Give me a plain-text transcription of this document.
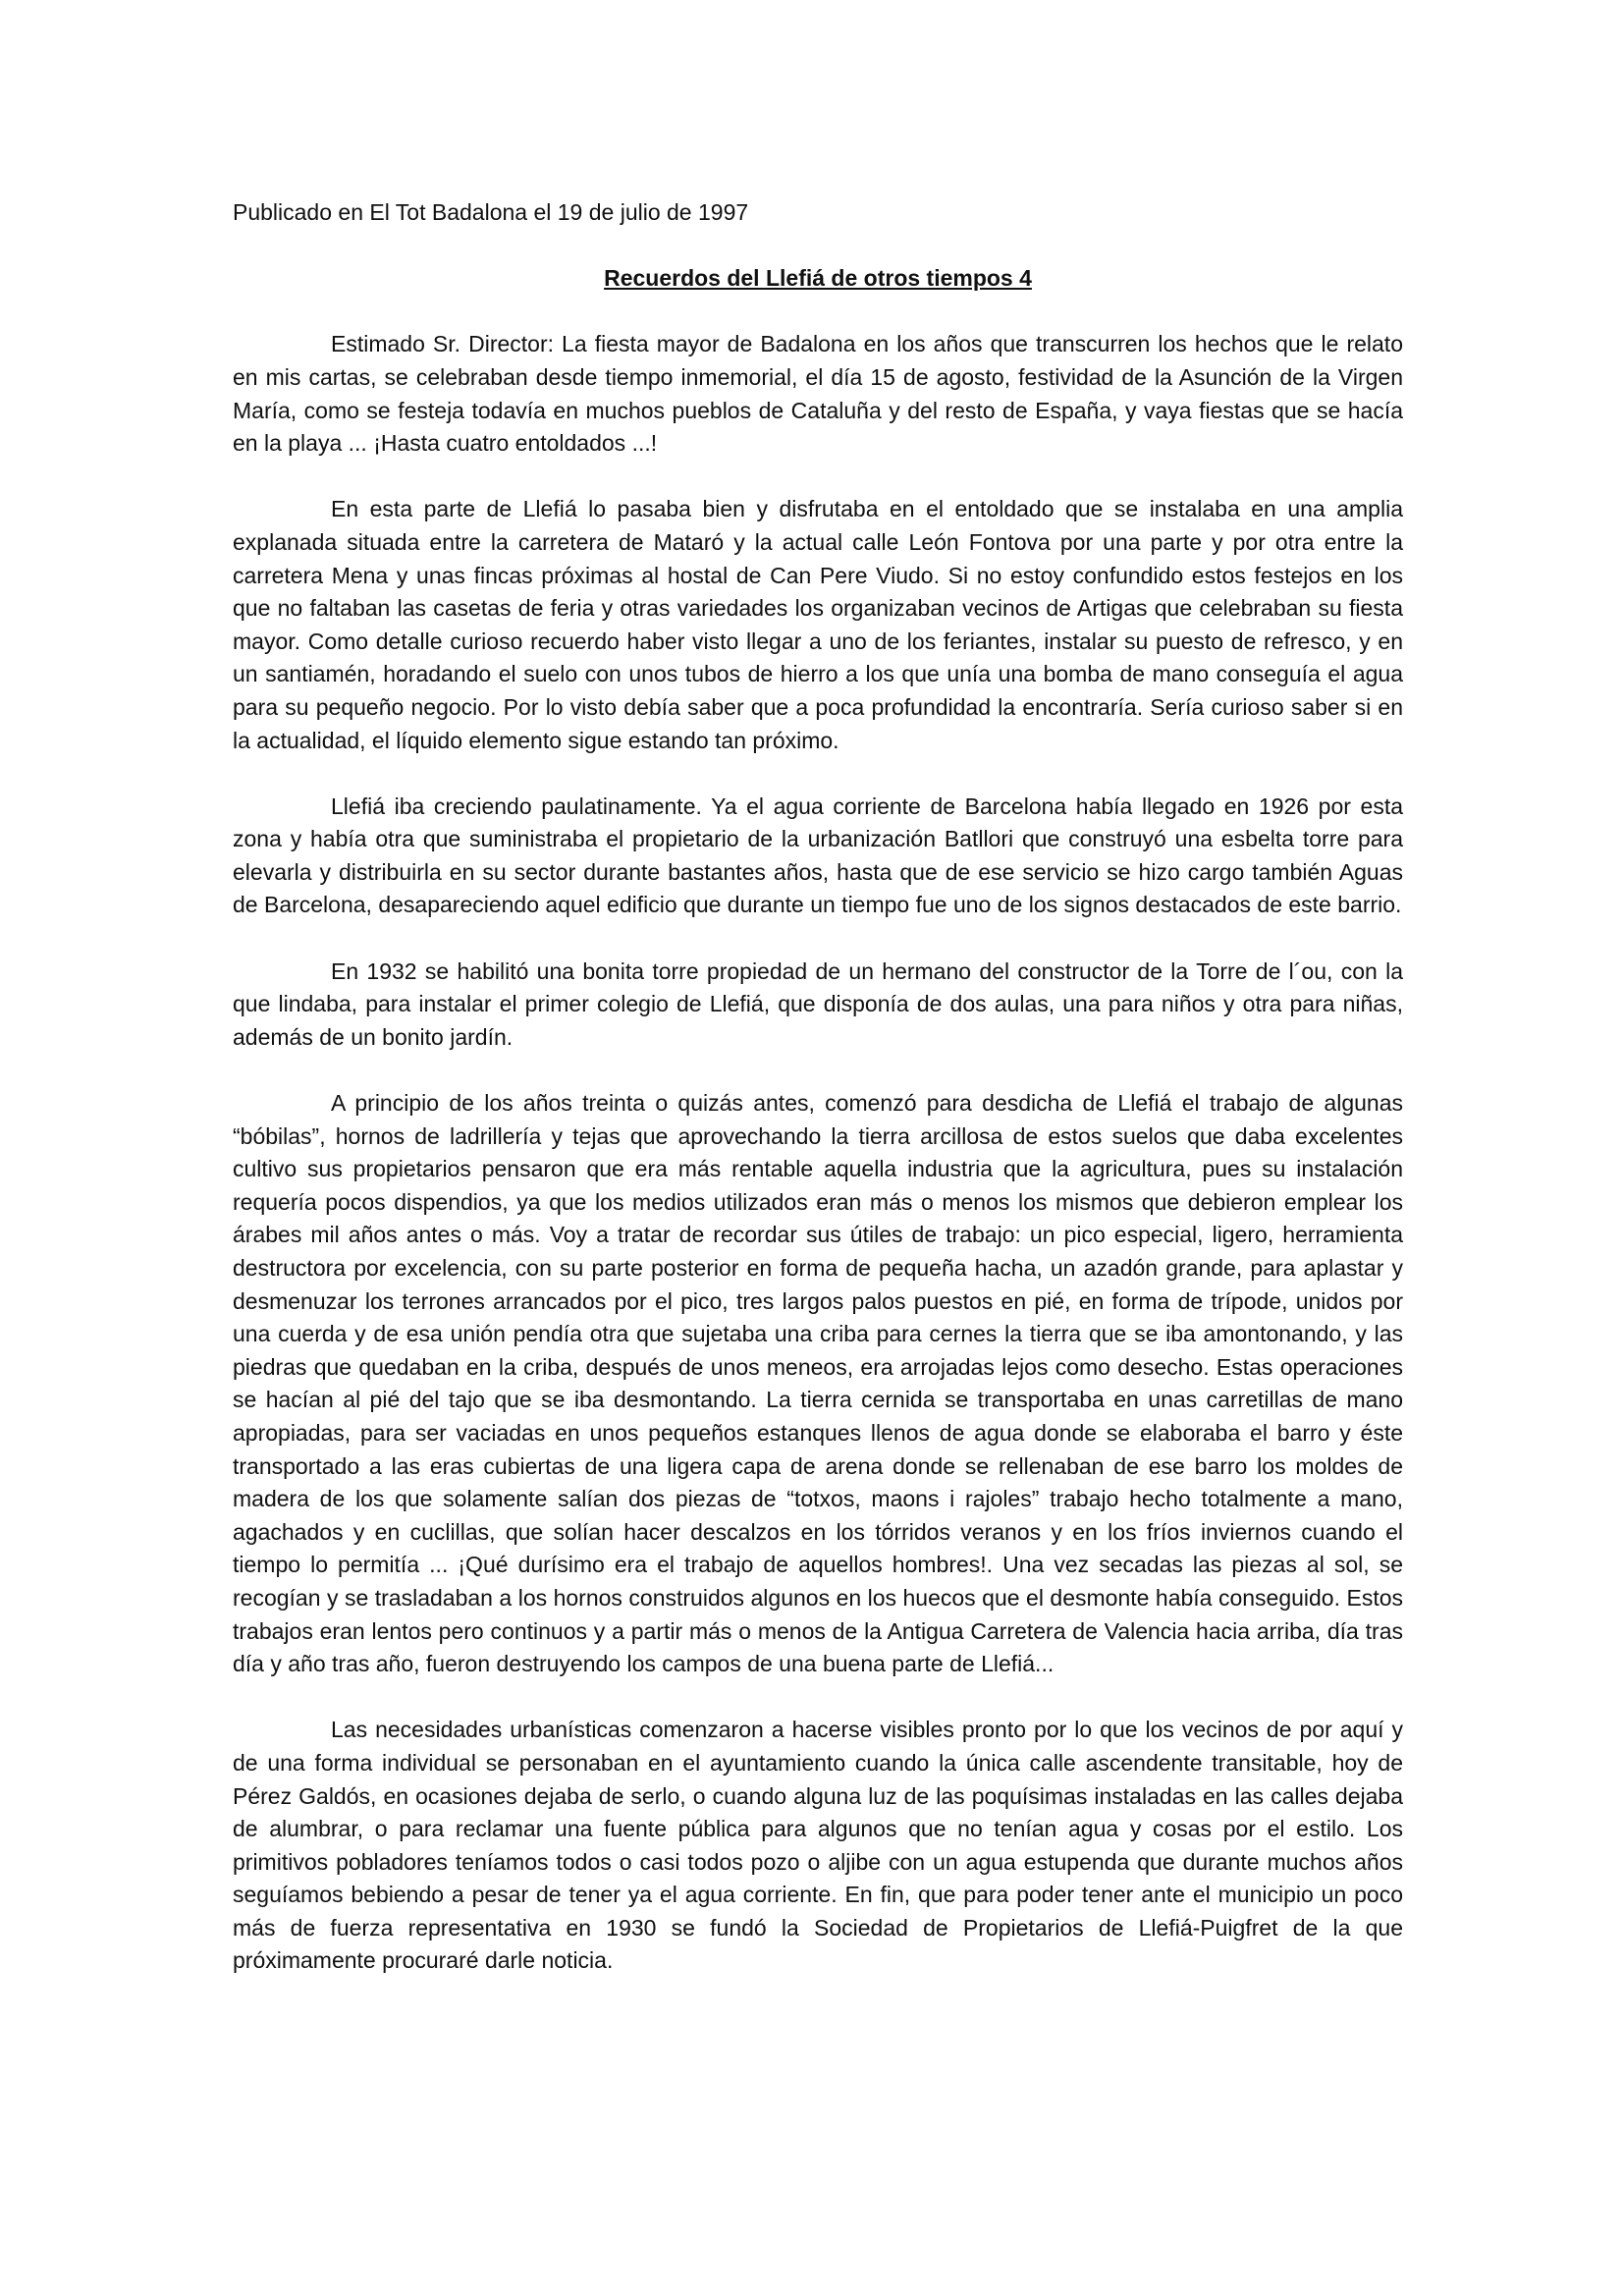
Publicado en El Tot Badalona el 19 de julio de 1997

Recuerdos del Llefiá de otros tiempos 4

Estimado Sr. Director: La fiesta mayor de Badalona en los años que transcurren los hechos que le relato en mis cartas, se celebraban desde tiempo inmemorial, el día 15 de agosto, festividad de la Asunción de la Virgen María, como se festeja todavía en muchos pueblos de Cataluña y del resto de España, y vaya fiestas que se hacía en la playa ... ¡Hasta cuatro entoldados ...!

En esta parte de Llefiá lo pasaba bien y disfrutaba en el entoldado que se instalaba en una amplia explanada situada entre la carretera de Mataró y la actual calle León Fontova por una parte y por otra entre la carretera Mena y unas fincas próximas al hostal de Can Pere Viudo. Si no estoy confundido estos festejos en los que no faltaban las casetas de feria y otras variedades los organizaban vecinos de Artigas que celebraban su fiesta mayor. Como detalle curioso recuerdo haber visto llegar a uno de los feriantes, instalar su puesto de refresco, y en un santiamén, horadando el suelo con unos tubos de hierro a los que unía una bomba de mano conseguía el agua para su pequeño negocio. Por lo visto debía saber que a poca profundidad la encontraría. Sería curioso saber si en la actualidad, el líquido elemento sigue estando tan próximo.

Llefiá iba creciendo paulatinamente. Ya el agua corriente de Barcelona había llegado en 1926 por esta zona y había otra que suministraba el propietario de la urbanización Batllori que construyó una esbelta torre para elevarla y distribuirla en su sector durante bastantes años, hasta que de ese servicio se hizo cargo también Aguas de Barcelona, desapareciendo aquel edificio que durante un tiempo fue uno de los signos destacados de este barrio.

En 1932 se habilitó una bonita torre propiedad de un hermano del constructor de la Torre de l´ou, con la que lindaba, para instalar el primer colegio de Llefiá, que disponía de dos aulas, una para niños y otra para niñas, además de un bonito jardín.

A principio de los años treinta o quizás antes, comenzó para desdicha de Llefiá el trabajo de algunas “bóbilas”, hornos de ladrillería y tejas que aprovechando la tierra arcillosa de estos suelos que daba excelentes cultivo sus propietarios pensaron que era más rentable aquella industria que la agricultura, pues su instalación requería pocos dispendios, ya que los medios utilizados eran más o menos los mismos que debieron emplear los árabes mil años antes o más. Voy a tratar de recordar sus útiles de trabajo: un pico especial, ligero, herramienta destructora por excelencia, con su parte posterior en forma de pequeña hacha, un azadón grande, para aplastar y desmenuzar los terrones arrancados por el pico, tres largos palos puestos en pié, en forma de trípode, unidos por una cuerda y de esa unión pendía otra que sujetaba una criba para cernes la tierra que se iba amontonando, y las piedras que quedaban en la criba, después de unos meneos, era arrojadas lejos como desecho. Estas operaciones se hacían al pié del tajo que se iba desmontando. La tierra cernida se transportaba en unas carretillas de mano apropiadas, para ser vaciadas en unos pequeños estanques llenos de agua donde se elaboraba el barro y éste transportado a las eras cubiertas de una ligera capa de arena donde se rellenaban de ese barro los moldes de madera de los que solamente salían dos piezas de “totxos, maons i rajoles” trabajo hecho totalmente a mano, agachados y en cuclillas, que solían hacer descalzos en los tórridos veranos y en los fríos inviernos cuando el tiempo lo permitía ... ¡Qué durísimo era el trabajo de aquellos hombres!. Una vez secadas las piezas al sol, se recogían y se trasladaban a los hornos construidos algunos en los huecos que el desmonte había conseguido. Estos trabajos eran lentos pero continuos y a partir más o menos de la Antigua Carretera de Valencia hacia arriba, día tras día y año tras año, fueron destruyendo los campos de una buena parte de Llefiá...

Las necesidades urbanísticas comenzaron a hacerse visibles pronto por lo que los vecinos de por aquí y de una forma individual se personaban en el ayuntamiento cuando la única calle ascendente transitable, hoy de Pérez Galdós, en ocasiones dejaba de serlo, o cuando alguna luz de las poquísimas instaladas en las calles dejaba de alumbrar, o para reclamar una fuente pública para algunos que no tenían agua y cosas por el estilo. Los primitivos pobladores teníamos todos o casi todos pozo o aljibe con un agua estupenda que durante muchos años seguíamos bebiendo a pesar de tener ya el agua corriente. En fin, que para poder tener ante el municipio un poco más de fuerza representativa en 1930 se fundó la Sociedad de Propietarios de Llefiá-Puigfret de la que próximamente procuraré darle noticia.
